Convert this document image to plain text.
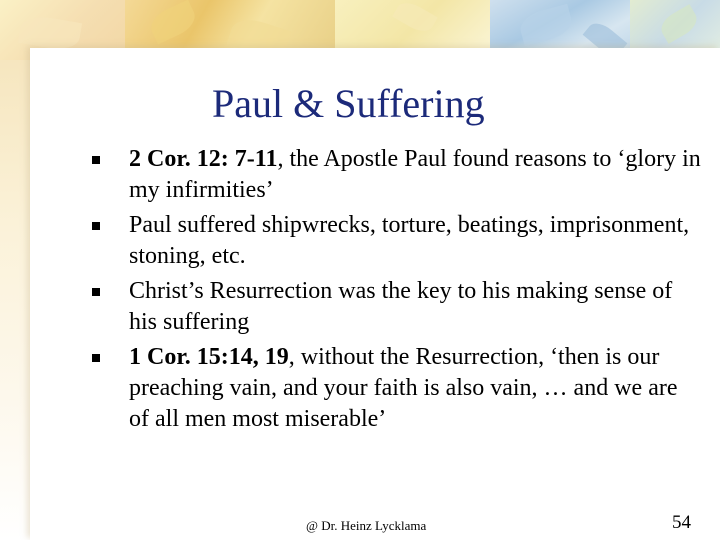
Paul & Suffering
2 Cor. 12: 7-11, the Apostle Paul found reasons to ‘glory in my infirmities’
Paul suffered shipwrecks, torture, beatings, imprisonment, stoning, etc.
Christ’s Resurrection was the key to his making sense of his suffering
1 Cor. 15:14, 19, without the Resurrection, ‘then is our preaching vain, and your faith is also vain, … and we are of all men most miserable’
@ Dr. Heinz Lycklama	54
